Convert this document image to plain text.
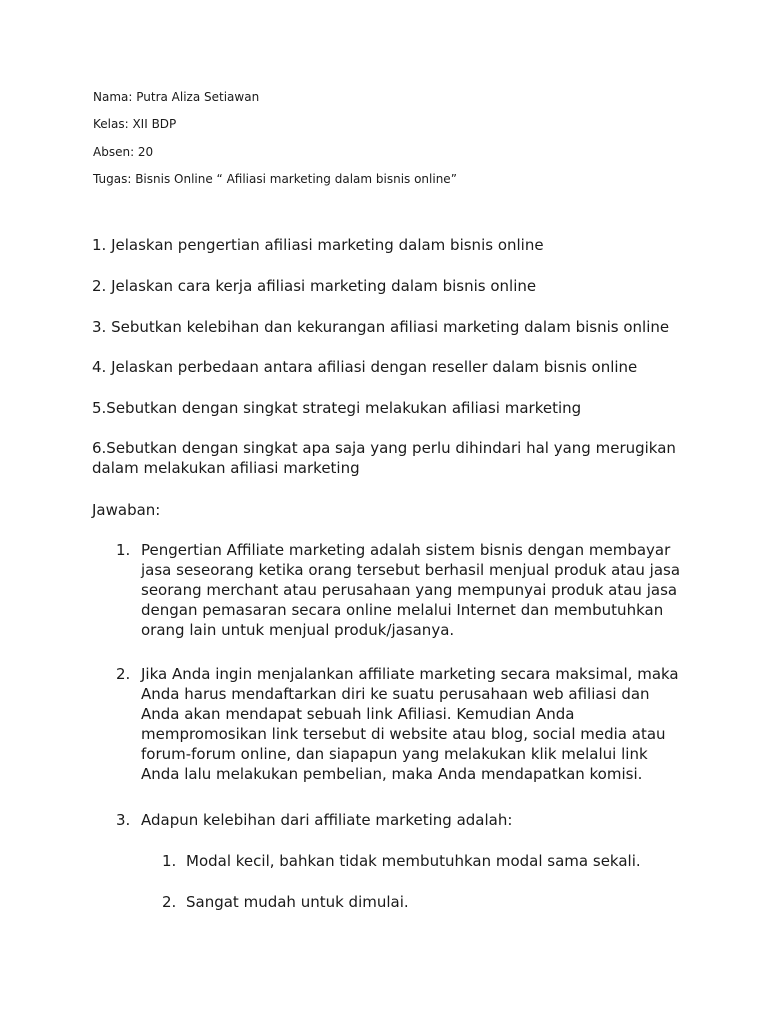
Nama: Putra Aliza Setiawan
Kelas: XII BDP
Absen: 20
Tugas: Bisnis Online “ Afiliasi marketing dalam bisnis online”
1. Jelaskan pengertian afiliasi marketing dalam bisnis online
2. Jelaskan cara kerja afiliasi marketing dalam bisnis online
3. Sebutkan kelebihan dan kekurangan afiliasi marketing dalam bisnis online
4. Jelaskan perbedaan antara afiliasi dengan reseller dalam bisnis online
5.Sebutkan dengan singkat strategi melakukan afiliasi marketing
6.Sebutkan dengan singkat apa saja yang perlu dihindari hal yang merugikan dalam melakukan afiliasi marketing
Jawaban:
1. Pengertian Affiliate marketing adalah sistem bisnis dengan membayar jasa seseorang ketika orang tersebut berhasil menjual produk atau jasa seorang merchant atau perusahaan yang mempunyai produk atau jasa dengan pemasaran secara online melalui Internet dan membutuhkan orang lain untuk menjual produk/jasanya.
2. Jika Anda ingin menjalankan affiliate marketing secara maksimal, maka Anda harus mendaftarkan diri ke suatu perusahaan web afiliasi dan Anda akan mendapat sebuah link Afiliasi. Kemudian Anda mempromosikan link tersebut di website atau blog, social media atau forum-forum online, dan siapapun yang melakukan klik melalui link Anda lalu melakukan pembelian, maka Anda mendapatkan komisi.
3. Adapun kelebihan dari affiliate marketing adalah:
1. Modal kecil, bahkan tidak membutuhkan modal sama sekali.
2. Sangat mudah untuk dimulai.
